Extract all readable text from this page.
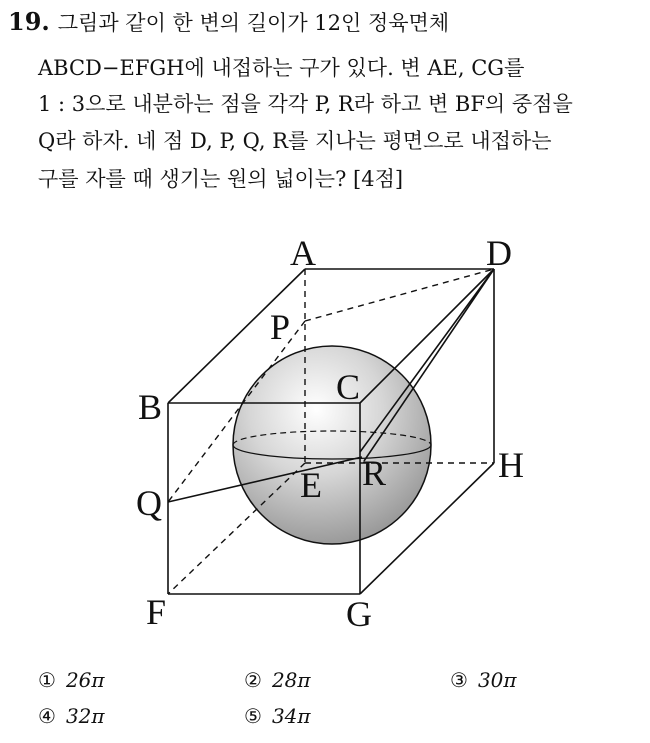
19. 그림과 같이 한 변의 길이가 12인 정육면체
ABCD−EFGH에 내접하는 구가 있다. 변 AE, CG를
1 : 3으로 내분하는 점을 각각 P, R라 하고 변 BF의 중점을
Q라 하자. 네 점 D, P, Q, R를 지나는 평면으로 내접하는
구를 자를 때 생기는 원의 넓이는? [4점]
A	D
P
C
B
H
R
E
Q
F	G
① 26π	② 28π	③ 30π
④ 32π	⑤ 34π
